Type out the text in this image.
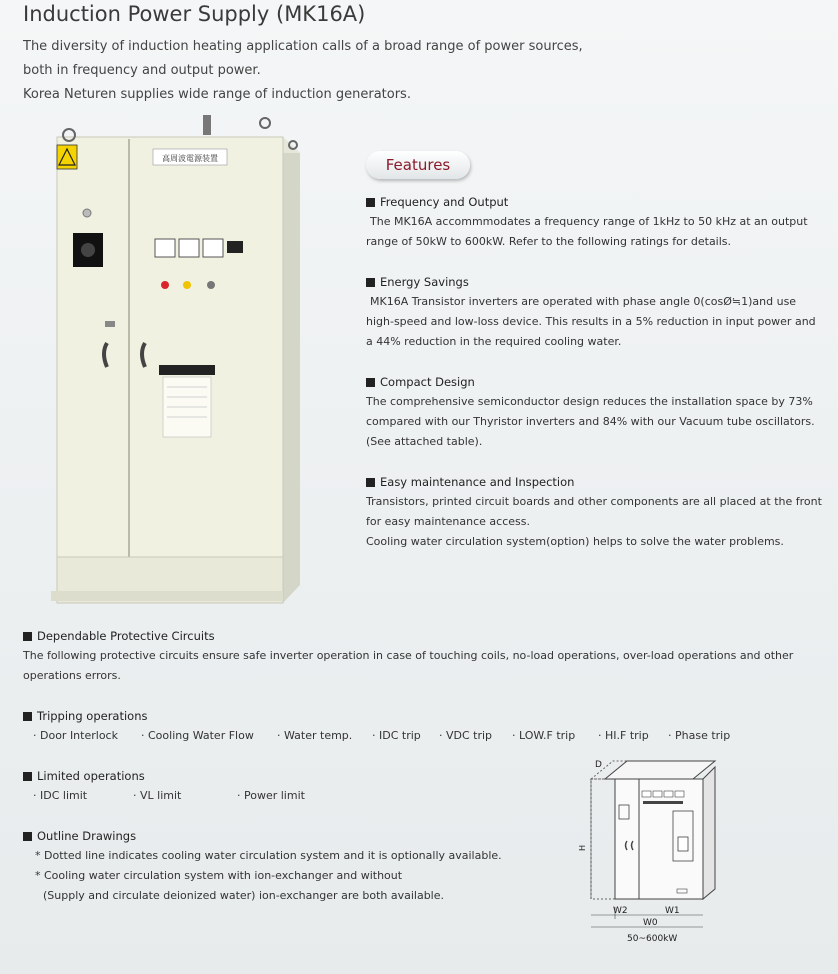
Induction Power Supply (MK16A)
The diversity of induction heating application calls of a broad range of power sources,
both in frequency and output power.
Korea Neturen supplies wide range of induction generators.
高周波電源装置	Features
Frequency and Output
The MK16A accommmodates a frequency range of 1kHz to 50 kHz at an output
range of 50kW to 600kW. Refer to the following ratings for details.
Energy Savings
MK16A Transistor inverters are operated with phase angle 0(cosØ≒1)and use
high-speed and low-loss device. This results in a 5% reduction in input power and
a 44% reduction in the required cooling water.
Compact Design
The comprehensive semiconductor design reduces the installation space by 73%
compared with our Thyristor inverters and 84% with our Vacuum tube oscillators.
(See attached table).
Easy maintenance and Inspection
Transistors, printed circuit boards and other components are all placed at the front
for easy maintenance access.
Cooling water circulation system(option) helps to solve the water problems.
Dependable Protective Circuits
The following protective circuits ensure safe inverter operation in case of touching coils, no-load operations, over-load operations and other
operations errors.
Tripping operations
· Door Interlock	· Cooling Water Flow	· Water temp.	· IDC trip	· VDC trip	· LOW.F trip	· HI.F trip	· Phase trip
Limited operations
· IDC limit	· VL limit	· Power limit
Outline Drawings
* Dotted line indicates cooling water circulation system and it is optionally available.
* Cooling water circulation system with ion-exchanger and without
(Supply and circulate deionized water) ion-exchanger are both available.
H
D
W2	W1
W0
50~600kW
